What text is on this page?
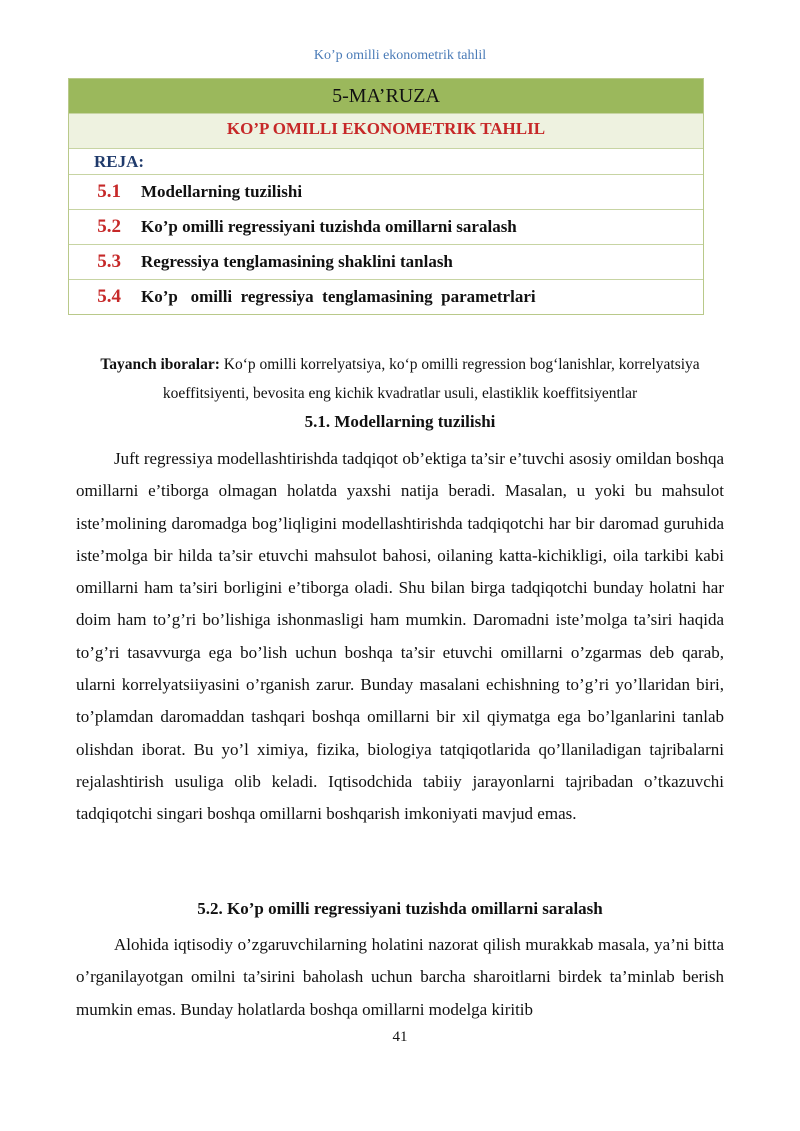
Ko’p omilli ekonometrik tahlil
5-MA’RUZA
KO’P OMILLI EKONOMETRIK TAHLIL
REJA:
5.1	Modellarning tuzilishi
5.2	Ko’p omilli regressiyani tuzishda omillarni saralash
5.3	Regressiya tenglamasining shaklini tanlash
5.4	Ko’p   omilli  regressiya  tenglamasining  parametrlari
Tayanch iboralar: Ko‘p omilli korrelyatsiya, ko‘p omilli regression bog‘lanishlar, korrelyatsiya koeffitsiyenti, bevosita eng kichik kvadratlar usuli, elastiklik koeffitsiyentlar
5.1. Modellarning tuzilishi

Juft regressiya modellashtirishda tadqiqot ob’ektiga ta’sir e’tuvchi asosiy omildan boshqa omillarni e’tiborga olmagan holatda yaxshi natija beradi. Masalan, u yoki bu mahsulot iste’molining daromadga bog’liqligini modellashtirishda tadqiqotchi har bir daromad guruhida iste’molga bir hilda ta’sir etuvchi mahsulot bahosi, oilaning katta-kichikligi, oila tarkibi kabi omillarni ham ta’siri borligini e’tiborga oladi. Shu bilan birga tadqiqotchi bunday holatni har doim ham to’g’ri bo’lishiga ishonmasligi ham mumkin. Daromadni iste’molga ta’siri haqida to’g’ri tasavvurga ega bo’lish uchun boshqa ta’sir etuvchi omillarni o’zgarmas deb qarab, ularni korrelyatsiiyasini o’rganish zarur. Bunday masalani echishning to’g’ri yo’llaridan biri, to’plamdan daromaddan tashqari boshqa omillarni bir xil qiymatga ega bo’lganlarini tanlab olishdan iborat. Bu yo’l ximiya, fizika, biologiya tatqiqotlarida qo’llaniladigan tajribalarni rejalashtirish usuliga olib keladi. Iqtisodchida tabiiy jarayonlarni tajribadan o’tkazuvchi tadqiqotchi singari boshqa omillarni boshqarish imkoniyati mavjud emas.

5.2. Ko’p omilli regressiyani tuzishda omillarni saralash

Alohida iqtisodiy o’zgaruvchilarning holatini nazorat qilish murakkab masala, ya’ni bitta o’rganilayotgan omilni ta’sirini baholash uchun barcha sharoitlarni birdek ta’minlab berish mumkin emas. Bunday holatlarda boshqa omillarni modelga kiritib

41
